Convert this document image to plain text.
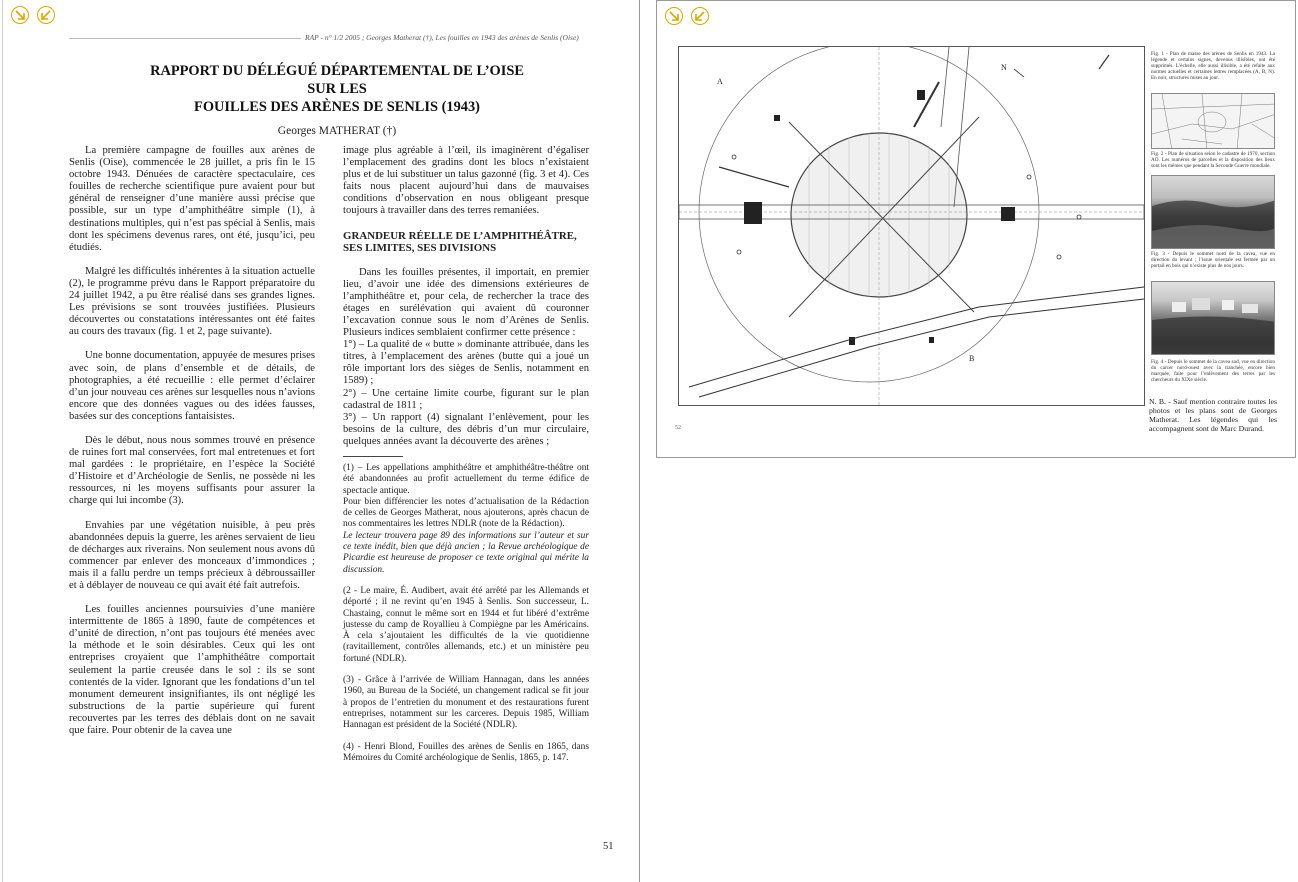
RAP - n° 1/2 2005 ; Georges Matherat (†), Les fouilles en 1943 des arènes de Senlis (Oise)
RAPPORT DU DÉLÉGUÉ DÉPARTEMENTAL DE L’OISE
SUR LES
FOUILLES DES ARÈNES DE SENLIS (1943)
Georges MATHERAT (†)

La première campagne de fouilles aux arènes de Senlis (Oise), commencée le 28 juillet, a pris fin le 15 octobre 1943. Dénuées de caractère spectaculaire, ces fouilles de recherche scientifique pure avaient pour but général de renseigner d’une manière aussi précise que possible, sur un type d’amphithéâtre simple (1), à destinations multiples, qui n’est pas spécial à Senlis, mais dont les spécimens devenus rares, ont été, jusqu’ici, peu étudiés.

Malgré les difficultés inhérentes à la situation actuelle (2), le programme prévu dans le Rapport préparatoire du 24 juillet 1942, a pu être réalisé dans ses grandes lignes. Les prévisions se sont trouvées justifiées. Plusieurs découvertes ou constatations intéressantes ont été faites au cours des travaux (fig. 1 et 2, page suivante).

Une bonne documentation, appuyée de mesures prises avec soin, de plans d’ensemble et de détails, de photographies, a été recueillie : elle permet d’éclairer d’un jour nouveau ces arènes sur lesquelles nous n’avions encore que des données vagues ou des idées fausses, basées sur des conceptions fantaisistes.

Dès le début, nous nous sommes trouvé en présence de ruines fort mal conservées, fort mal entretenues et fort mal gardées : le propriétaire, en l’espèce la Société d’Histoire et d’Archéologie de Senlis, ne possède ni les ressources, ni les moyens suffisants pour assurer la charge qui lui incombe (3).

Envahies par une végétation nuisible, à peu près abandonnées depuis la guerre, les arènes servaient de lieu de décharges aux riverains. Non seulement nous avons dû commencer par enlever des monceaux d’immondices ; mais il a fallu perdre un temps précieux à débroussailler et à déblayer de nouveau ce qui avait été fait autrefois.

Les fouilles anciennes poursuivies d’une manière intermittente de 1865 à 1890, faute de compétences et d’unité de direction, n’ont pas toujours été menées avec la méthode et le soin désirables. Ceux qui les ont entreprises croyaient que l’amphithéâtre comportait seulement la partie creusée dans le sol : ils se sont contentés de la vider. Ignorant que les fondations d’un tel monument demeurent insignifiantes, ils ont négligé les substructions de la partie supérieure qui furent recouvertes par les terres des déblais dont on ne savait que faire. Pour obtenir de la cavea une

image plus agréable à l’œil, ils imaginèrent d’égaliser l’emplacement des gradins dont les blocs n’existaient plus et de lui substituer un talus gazonné (fig. 3 et 4). Ces faits nous placent aujourd’hui dans de mauvaises conditions d’observation en nous obligeant presque toujours à travailler dans des terres remaniées.

GRANDEUR RÉELLE DE L’AMPHITHÉÂTRE, SES LIMITES, SES DIVISIONS

Dans les fouilles présentes, il importait, en premier lieu, d’avoir une idée des dimensions extérieures de l’amphithéâtre et, pour cela, de rechercher la trace des étages en surélévation qui avaient dû couronner l’excavation connue sous le nom d’Arènes de Senlis. Plusieurs indices semblaient confirmer cette présence :

1°) – La qualité de « butte » dominante attribuée, dans les titres, à l’emplacement des arènes (butte qui a joué un rôle important lors des sièges de Senlis, notamment en 1589) ;

2°) – Une certaine limite courbe, figurant sur le plan cadastral de 1811 ;

3°) – Un rapport (4) signalant l’enlèvement, pour les besoins de la culture, des débris d’un mur circulaire, quelques années avant la découverte des arènes ;

(1) – Les appellations amphithéâtre et amphithéâtre-théâtre ont été abandonnées au profit actuellement du terme édifice de spectacle antique.

Pour bien différencier les notes d’actualisation de la Rédaction de celles de Georges Matherat, nous ajouterons, après chacun de nos commentaires les lettres NDLR (note de la Rédaction).

Le lecteur trouvera page 89 des informations sur l’auteur et sur ce texte inédit, bien que déjà ancien ; la Revue archéologique de Picardie est heureuse de proposer ce texte original qui mérite la discussion.

(2 - Le maire, É. Audibert, avait été arrêté par les Allemands et déporté ; il ne revint qu’en 1945 à Senlis. Son successeur, L. Chastaing, connut le même sort en 1944 et fut libéré d’extrême justesse du camp de Royallieu à Compiègne par les Américains. À cela s’ajoutaient les difficultés de la vie quotidienne (ravitaillement, contrôles allemands, etc.) et un ministère peu fortuné (NDLR).

(3) - Grâce à l’arrivée de William Hannagan, dans les années 1960, au Bureau de la Société, un changement radical se fit jour à propos de l’entretien du monument et des restaurations furent entreprises, notamment sur les carceres. Depuis 1985, William Hannagan est président de la Société (NDLR).

(4) - Henri Blond, Fouilles des arènes de Senlis en 1865, dans Mémoires du Comité archéologique de Senlis, 1865, p. 147.

51
A
B
N
Fig. 1 - Plan de masse des arènes de Senlis en 1943. La légende et certains signes, devenus illisibles, ont été supprimés. L’échelle, elle aussi illisible, a été refaite aux normes actuelles et certaines lettres remplacées (A, B, N). En noir, structures mises au jour.
Fig. 2 - Plan de situation selon le cadastre de 1970, section AO. Les numéros de parcelles et la disposition des lieux sont les mêmes que pendant la Seconde Guerre mondiale.
Fig. 3 - Depuis le sommet nord de la cavea, vue en direction du levant ; l’issue orientale est fermée par un portail en bois qui n’existe plus de nos jours.
Fig. 4 - Depuis le sommet de la cavea sud, vue en direction du carcer nord-ouest avec la tranchée, encore bien marquée, faite pour l’enlèvement des terres par les chercheurs du XIXe siècle.
N. B. - Sauf mention contraire toutes les photos et les plans sont de Georges Matherat. Les légendes qui les accompagnent sont de Marc Durand.
52
